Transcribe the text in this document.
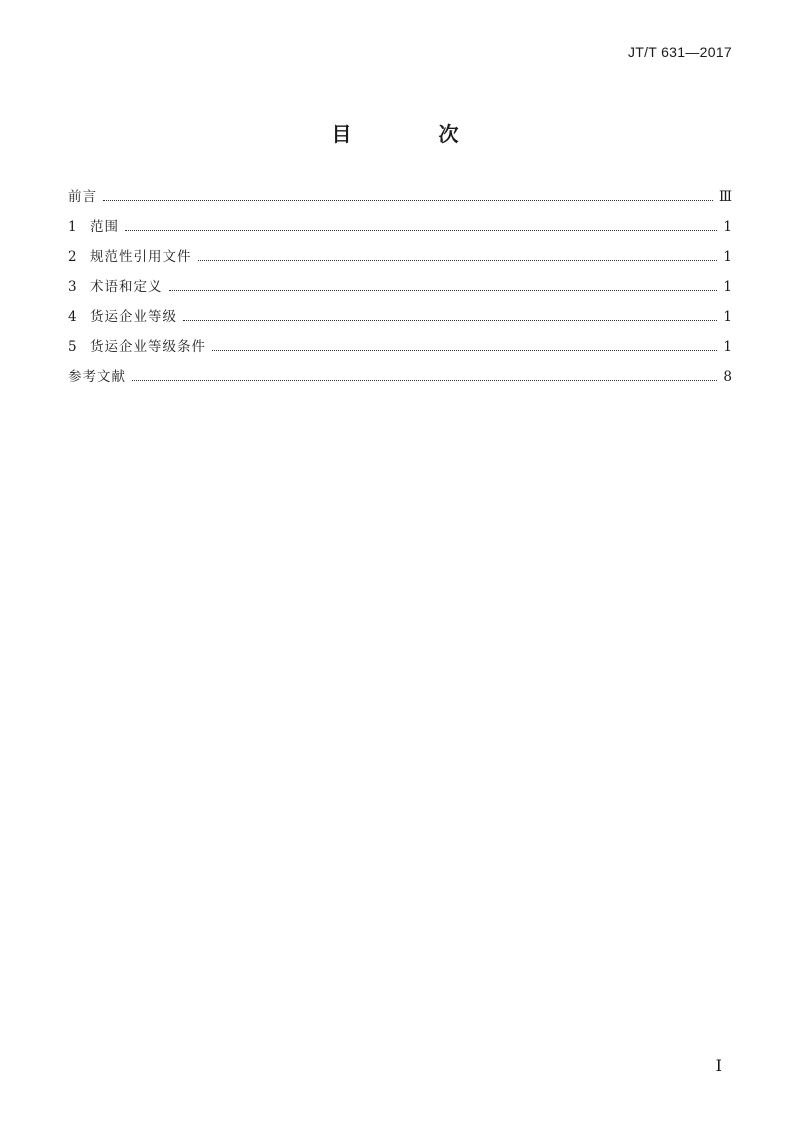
JT/T 631—2017
目 次
前言	Ⅲ
1 范围	1
2 规范性引用文件	1
3 术语和定义	1
4 货运企业等级	1
5 货运企业等级条件	1
参考文献	8
I
